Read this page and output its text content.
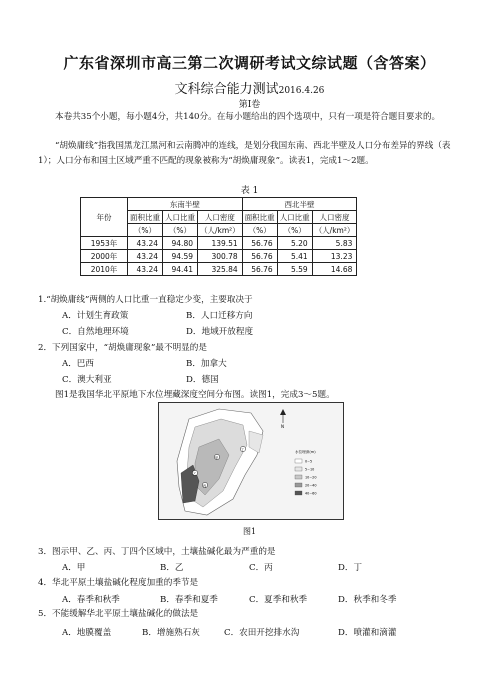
广东省深圳市高三第二次调研考试文综试题（含答案）
文科综合能力测试2016.4.26
第Ⅰ卷
本卷共35个小题，每小题4分，共140分。在每小题给出的四个选项中，只有一项是符合题目要求的。
“胡焕庸线”指我国黑龙江黑河和云南腾冲的连线，是划分我国东南、西北半壁及人口分布差异的界线（表1）；人口分布和国土区域严重不匹配的现象被称为“胡焕庸现象”。读表1，完成1～2题。
表 1
年份	东南半壁			西北半壁		
	面积比重	人口比重	人口密度	面积比重	人口比重	人口密度
	（%）	（%）	（人/km²）	（%）	（%）	（人/km²）
1953年	43.24	94.80	139.51	56.76	5.20	5.83
2000年	43.24	94.59	300.78	56.76	5.41	13.23
2010年	43.24	94.41	325.84	56.76	5.59	14.68
1.“胡焕庸线”两侧的人口比重一直稳定少变，主要取决于
A．计划生育政策	B．人口迁移方向
C．自然地理环境	D．地域开放程度
2．下列国家中，“胡焕庸现象”最不明显的是
A．巴西	B．加拿大
C．澳大利亚	D．德国
图1是我国华北平原地下水位埋藏深度空间分布图。读图1，完成3～5题。
甲
乙
丙
丁
N
水位埋深(m)
0~5
5~10
10~20
20~40
40~60
图1
3．图示甲、乙、丙、丁四个区域中，土壤盐碱化最为严重的是
A．甲	B．乙	C．丙	D．丁
4．华北平原土壤盐碱化程度加重的季节是
A．春季和秋季	B．春季和夏季	C．夏季和秋季	D．秋季和冬季
5．不能缓解华北平原土壤盐碱化的做法是
A．地膜覆盖	B．增施熟石灰	C．农田开挖排水沟	D．喷灌和滴灌
